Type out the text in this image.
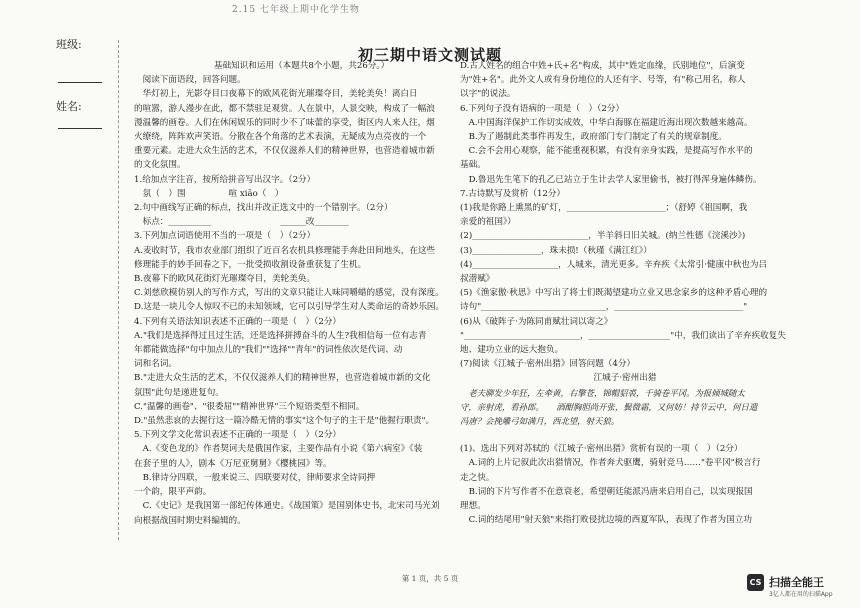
2.15 七年级上期中化学生物
班级:
姓名:
初三期中语文测试题

　　基础知识和运用（本题共8个小题，共26分。）

　阅读下面语段，回答问题。

　华灯初上，光影夺目口夜幕下的欧风花街光璀璨夺目，美轮美奂！离白日

的喧嚣，游人漫步在此，都不禁驻足观赏。人在景中，人景交映，构成了一幅浪

漫温馨的画卷。人们在休闲娱乐的同时少不了味蕾的享受，街区内人来人往，烟

火缭绕，阵阵欢声笑语。分散在各个角落的艺术表演，无疑成为点亮夜的一个

重要元素。走进大众生活的艺术，不仅仅滋养人们的精神世界，也营造着城市新

的文化氛围。

1.给加点字注音，按所给拼音写出汉字。（2分）

　氛（　）围　　　　　喧 xiāo（　）

2.句中画线写正确的标点，找出并改正选文中的一个错别字。（2分）

　标点：__________　　　　　　　　______改________

3.下列加点词语使用不当的一项是（　）（2分）

A.麦收时节，我市农业部门组织了近百名农机具修理能手奔赴田间地头，在这些

修理能手的妙手回春之下，一批受损收割设备重获复了生机。

B.夜幕下的欧风花街灯光璀璨夺目，美轮美奂。

C.刘慈欣模仿别人的写作方式，写出的文章只能让人味同嚼蜡的感觉，没有深度。

D.这是一块儿令人惊叹不已的未知领域，它可以引导学生对人类命运的奇妙乐园。

4.下列有关语法知识表述不正确的一项是（　）（2分）

A."我们是选择得过且过生活，还是选择拼搏奋斗的人生?我相信每一位有志青

年都能做选择"句中加点儿的"我们""选择""青年"的词性依次是代词、动

词和名词。

B."走进大众生活的艺术，不仅仅滋养人们的精神世界，也营造着城市新的文化

氛围"此句是递进复句。

C."温馨的画卷"、"很委屈""精神世界"三个短语类型不相同。

D."虽然悲哀的去握行这一篇冷酷无情的事实"这个句子的主干是"他握行职责"。

5.下列文学文化常识表述不正确的一项是（　）（2分）

　A.《变色龙的》作者契诃夫是俄国作家，主要作品有小说《第六病室》《装

在套子里的人》，剧本《万尼亚舅舅》《樱桃园》等。

　B.律诗分四联，一般来说三、四联要对仗，律师要求全诗同押

一个韵，限平声韵。

　C.《史记》是我国第一部纪传体通史。《战国策》是国别体史书，北宋司马光刘

向根据战国时期史料编辑的。

D.古人姓名的组合中姓+氏+名"构成，其中"姓定血缘，氏别地位"，后演变

为"姓+名"。此外文人或有身份地位的人还有字、号等，有"称己用名，称人

以字"的说法。

6.下列句子没有语病的一项是（　）（2分）

　A.中国海洋保护工作切实成效，中华白海豚在福建近海出现次数越来越高。

　B.为了遏制此类事件再发生，政府部门专门制定了有关的规章制度。

　C.会不会用心观察，能不能重视积累，有没有亲身实践，是提高写作水平的

基础。

　D.鲁迅先生笔下的孔乙已站立于生计去学人家里偷书，被打得浑身遍体鳞伤。

7.古诗默写及赏析（12分）

(1)我是你路上熏黑的矿灯，_______________________；（舒婷《祖国啊，我

亲爱的祖国》）

(2)___________________________，半羊斜日旧关城。(纳兰性德《浣溪沙》)

(3)________________，珠未损!（秋瑾《满江红》）

(4)____________________，人城来，清光更多。辛弃疾《太常引·健康中秋也为吕

叔潜赋》

(5)《渔家傲·秋思》中写出了将士们既渴望建功立业又思念家乡的这种矛盾心理的

诗句"_____________________________，______________________________"

(6)从《破阵子·为陈同甫赋壮词以寄之》

"___________________________，___________________"中，我们读出了辛弃疾收复失

地、建功立业的远大抱负。

(7)阅读《江城子·密州出猎》回答问题（4分）

江城子·密州出猎

　老夫聊发少年狂，左牵黄，右擎苍，锦帽貂裘，千骑卷平冈。为报倾城随太

守，亲射虎，看孙郎。　　酒酣胸胆尚开张，鬓微霜，又何妨！持节云中，何日遣

冯唐？会挽雕弓如满月，西北望，射天狼。

(1)、选出下列对苏轼的《江城子·密州出猎》赏析有误的一项（　）（2分）

　A.词的上片记叙此次出猎情况，作者奔犬驱鹰，骑射竞马……"卷平冈"极言行

走之快。

　B.词的下片写作者不在意衰老，希望朝廷能派冯唐来启用自己，以实现报国

理想。

　C.词的结尾用"射天狼"来指打败侵扰边境的西夏军队，表现了作者为国立功

第 1 页，共 5 页	CS 扫描全能王
3亿人都在用的扫描App
